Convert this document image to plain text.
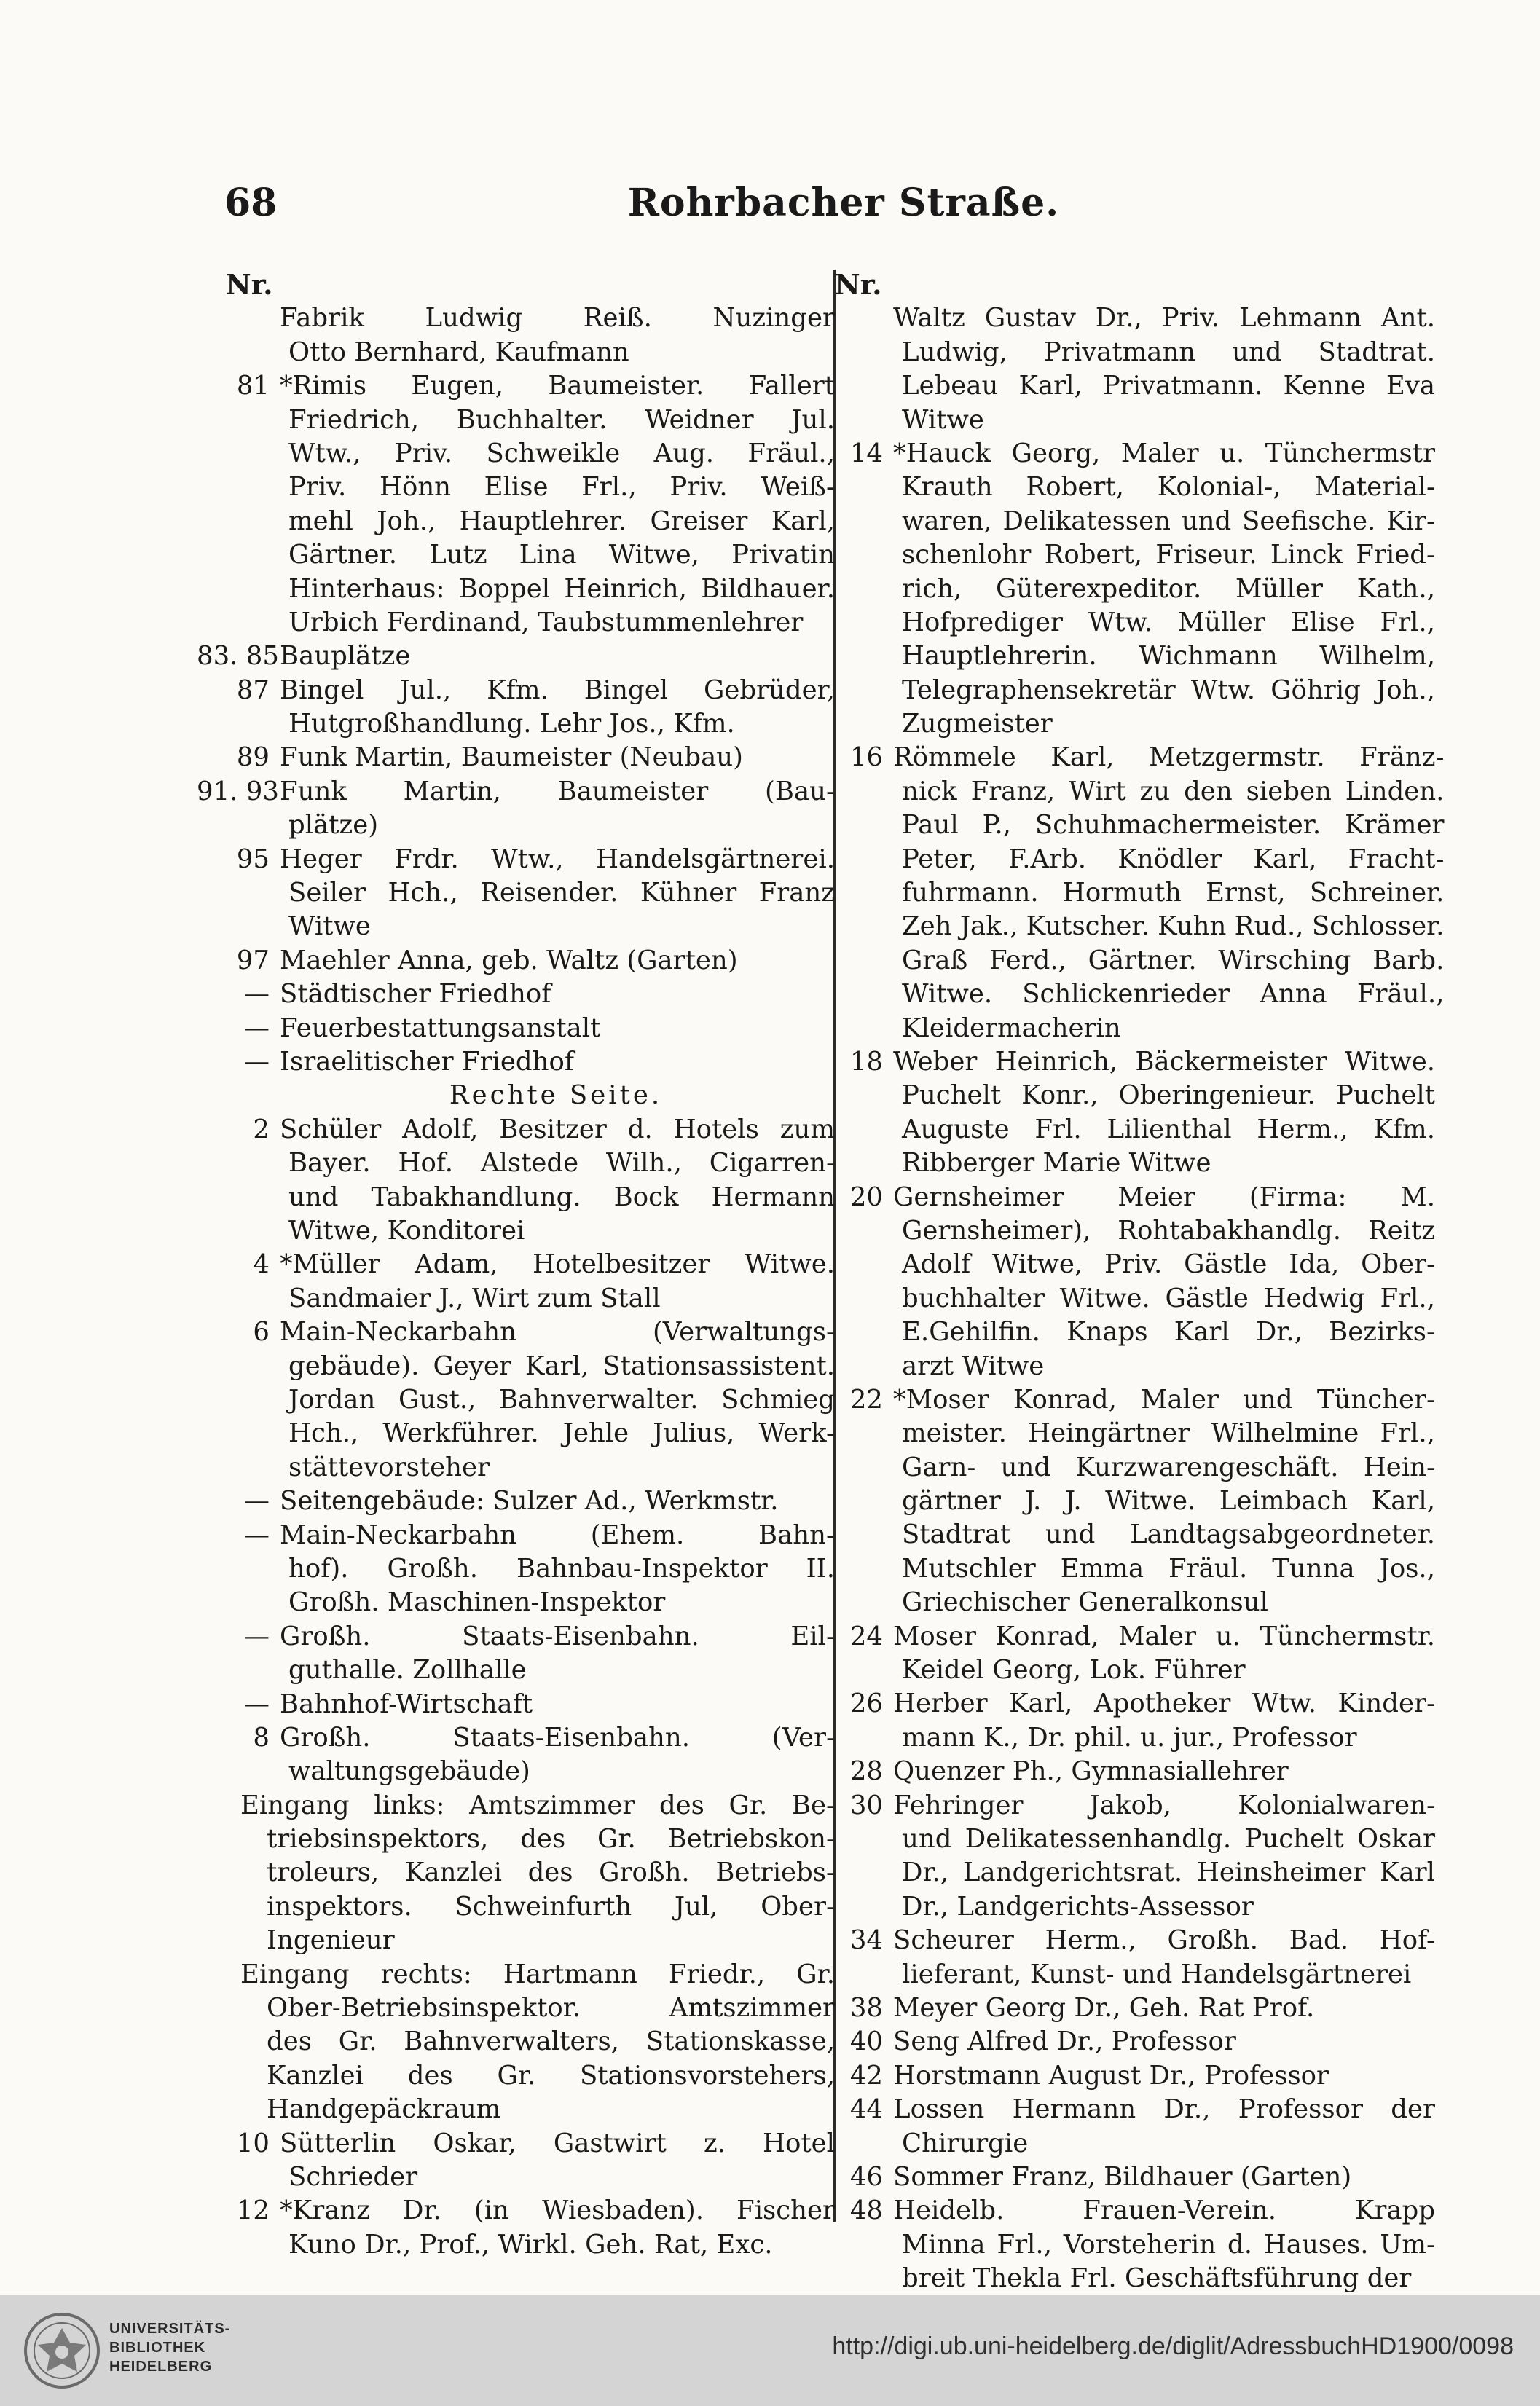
68	Rohrbacher Straße.
Nr.
Fabrik Ludwig Reiß. Nuzinger
Otto Bernhard, Kaufmann
81 *Rimis Eugen, Baumeister. Fallert
Friedrich, Buchhalter. Weidner Jul.
Wtw., Priv. Schweikle Aug. Fräul.,
Priv. Hönn Elise Frl., Priv. Weiß-
mehl Joh., Hauptlehrer. Greiser Karl,
Gärtner. Lutz Lina Witwe, Privatin
Hinterhaus: Boppel Heinrich, Bildhauer.
Urbich Ferdinand, Taubstummenlehrer
83. 85 Bauplätze
87 Bingel Jul., Kfm. Bingel Gebrüder,
Hutgroßhandlung. Lehr Jos., Kfm.
89 Funk Martin, Baumeister (Neubau)
91. 93 Funk Martin, Baumeister (Bau-
plätze)
95 Heger Frdr. Wtw., Handelsgärtnerei.
Seiler Hch., Reisender. Kühner Franz
Witwe
97 Maehler Anna, geb. Waltz (Garten)
— Städtischer Friedhof
— Feuerbestattungsanstalt
— Israelitischer Friedhof
Rechte Seite.
2 Schüler Adolf, Besitzer d. Hotels zum
Bayer. Hof. Alstede Wilh., Cigarren-
und Tabakhandlung. Bock Hermann
Witwe, Konditorei
4 *Müller Adam, Hotelbesitzer Witwe.
Sandmaier J., Wirt zum Stall
6 Main-Neckarbahn (Verwaltungs-
gebäude). Geyer Karl, Stationsassistent.
Jordan Gust., Bahnverwalter. Schmieg
Hch., Werkführer. Jehle Julius, Werk-
stättevorsteher
— Seitengebäude: Sulzer Ad., Werkmstr.
— Main-Neckarbahn (Ehem. Bahn-
hof). Großh. Bahnbau-Inspektor II.
Großh. Maschinen-Inspektor
— Großh. Staats-Eisenbahn. Eil-
guthalle. Zollhalle
— Bahnhof-Wirtschaft
8 Großh. Staats-Eisenbahn. (Ver-
waltungsgebäude)
Eingang links: Amtszimmer des Gr. Be-
triebsinspektors, des Gr. Betriebskon-
troleurs, Kanzlei des Großh. Betriebs-
inspektors. Schweinfurth Jul, Ober-
Ingenieur
Eingang rechts: Hartmann Friedr., Gr.
Ober-Betriebsinspektor. Amtszimmer
des Gr. Bahnverwalters, Stationskasse,
Kanzlei des Gr. Stationsvorstehers,
Handgepäckraum
10 Sütterlin Oskar, Gastwirt z. Hotel
Schrieder
12 *Kranz Dr. (in Wiesbaden). Fischer
Kuno Dr., Prof., Wirkl. Geh. Rat, Exc.
Nr.
Waltz Gustav Dr., Priv. Lehmann Ant.
Ludwig, Privatmann und Stadtrat.
Lebeau Karl, Privatmann. Kenne Eva
Witwe
14 *Hauck Georg, Maler u. Tünchermstr
Krauth Robert, Kolonial-, Material-
waren, Delikatessen und Seefische. Kir-
schenlohr Robert, Friseur. Linck Fried-
rich, Güterexpeditor. Müller Kath.,
Hofprediger Wtw. Müller Elise Frl.,
Hauptlehrerin. Wichmann Wilhelm,
Telegraphensekretär Wtw. Göhrig Joh.,
Zugmeister
16 Römmele Karl, Metzgermstr. Fränz-
nick Franz, Wirt zu den sieben Linden.
Paul P., Schuhmachermeister. Krämer
Peter, F.Arb. Knödler Karl, Fracht-
fuhrmann. Hormuth Ernst, Schreiner.
Zeh Jak., Kutscher. Kuhn Rud., Schlosser.
Graß Ferd., Gärtner. Wirsching Barb.
Witwe. Schlickenrieder Anna Fräul.,
Kleidermacherin
18 Weber Heinrich, Bäckermeister Witwe.
Puchelt Konr., Oberingenieur. Puchelt
Auguste Frl. Lilienthal Herm., Kfm.
Ribberger Marie Witwe
20 Gernsheimer Meier (Firma: M.
Gernsheimer), Rohtabakhandlg. Reitz
Adolf Witwe, Priv. Gästle Ida, Ober-
buchhalter Witwe. Gästle Hedwig Frl.,
E.Gehilfin. Knaps Karl Dr., Bezirks-
arzt Witwe
22 *Moser Konrad, Maler und Tüncher-
meister. Heingärtner Wilhelmine Frl.,
Garn- und Kurzwarengeschäft. Hein-
gärtner J. J. Witwe. Leimbach Karl,
Stadtrat und Landtagsabgeordneter.
Mutschler Emma Fräul. Tunna Jos.,
Griechischer Generalkonsul
24 Moser Konrad, Maler u. Tünchermstr.
Keidel Georg, Lok. Führer
26 Herber Karl, Apotheker Wtw. Kinder-
mann K., Dr. phil. u. jur., Professor
28 Quenzer Ph., Gymnasiallehrer
30 Fehringer Jakob, Kolonialwaren-
und Delikatessenhandlg. Puchelt Oskar
Dr., Landgerichtsrat. Heinsheimer Karl
Dr., Landgerichts-Assessor
34 Scheurer Herm., Großh. Bad. Hof-
lieferant, Kunst- und Handelsgärtnerei
38 Meyer Georg Dr., Geh. Rat Prof.
40 Seng Alfred Dr., Professor
42 Horstmann August Dr., Professor
44 Lossen Hermann Dr., Professor der
Chirurgie
46 Sommer Franz, Bildhauer (Garten)
48 Heidelb. Frauen-Verein. Krapp
Minna Frl., Vorsteherin d. Hauses. Um-
breit Thekla Frl. Geschäftsführung der
UNIVERSITÄTS-
BIBLIOTHEK
HEIDELBERG
http://digi.ub.uni-heidelberg.de/diglit/AdressbuchHD1900/0098
